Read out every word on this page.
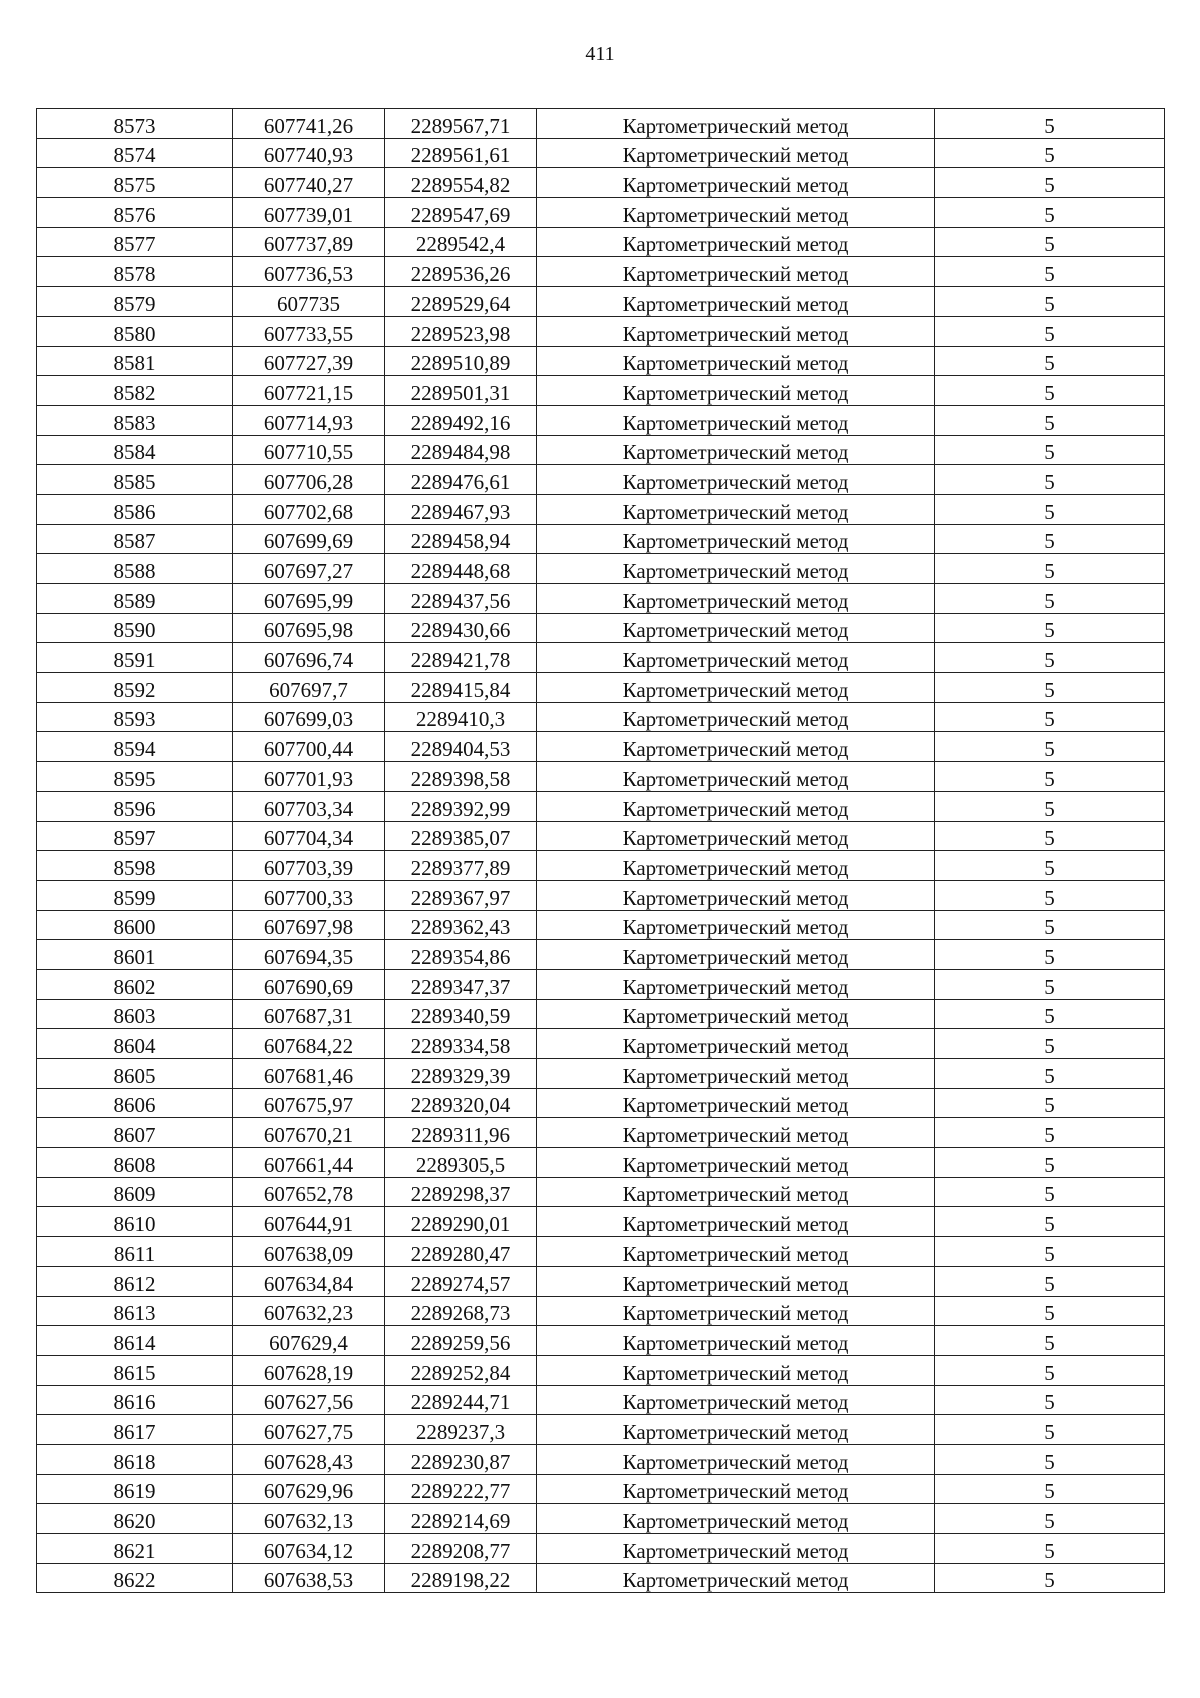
411
8573	607741,26	2289567,71	Картометрический метод	5
8574	607740,93	2289561,61	Картометрический метод	5
8575	607740,27	2289554,82	Картометрический метод	5
8576	607739,01	2289547,69	Картометрический метод	5
8577	607737,89	2289542,4	Картометрический метод	5
8578	607736,53	2289536,26	Картометрический метод	5
8579	607735	2289529,64	Картометрический метод	5
8580	607733,55	2289523,98	Картометрический метод	5
8581	607727,39	2289510,89	Картометрический метод	5
8582	607721,15	2289501,31	Картометрический метод	5
8583	607714,93	2289492,16	Картометрический метод	5
8584	607710,55	2289484,98	Картометрический метод	5
8585	607706,28	2289476,61	Картометрический метод	5
8586	607702,68	2289467,93	Картометрический метод	5
8587	607699,69	2289458,94	Картометрический метод	5
8588	607697,27	2289448,68	Картометрический метод	5
8589	607695,99	2289437,56	Картометрический метод	5
8590	607695,98	2289430,66	Картометрический метод	5
8591	607696,74	2289421,78	Картометрический метод	5
8592	607697,7	2289415,84	Картометрический метод	5
8593	607699,03	2289410,3	Картометрический метод	5
8594	607700,44	2289404,53	Картометрический метод	5
8595	607701,93	2289398,58	Картометрический метод	5
8596	607703,34	2289392,99	Картометрический метод	5
8597	607704,34	2289385,07	Картометрический метод	5
8598	607703,39	2289377,89	Картометрический метод	5
8599	607700,33	2289367,97	Картометрический метод	5
8600	607697,98	2289362,43	Картометрический метод	5
8601	607694,35	2289354,86	Картометрический метод	5
8602	607690,69	2289347,37	Картометрический метод	5
8603	607687,31	2289340,59	Картометрический метод	5
8604	607684,22	2289334,58	Картометрический метод	5
8605	607681,46	2289329,39	Картометрический метод	5
8606	607675,97	2289320,04	Картометрический метод	5
8607	607670,21	2289311,96	Картометрический метод	5
8608	607661,44	2289305,5	Картометрический метод	5
8609	607652,78	2289298,37	Картометрический метод	5
8610	607644,91	2289290,01	Картометрический метод	5
8611	607638,09	2289280,47	Картометрический метод	5
8612	607634,84	2289274,57	Картометрический метод	5
8613	607632,23	2289268,73	Картометрический метод	5
8614	607629,4	2289259,56	Картометрический метод	5
8615	607628,19	2289252,84	Картометрический метод	5
8616	607627,56	2289244,71	Картометрический метод	5
8617	607627,75	2289237,3	Картометрический метод	5
8618	607628,43	2289230,87	Картометрический метод	5
8619	607629,96	2289222,77	Картометрический метод	5
8620	607632,13	2289214,69	Картометрический метод	5
8621	607634,12	2289208,77	Картометрический метод	5
8622	607638,53	2289198,22	Картометрический метод	5
